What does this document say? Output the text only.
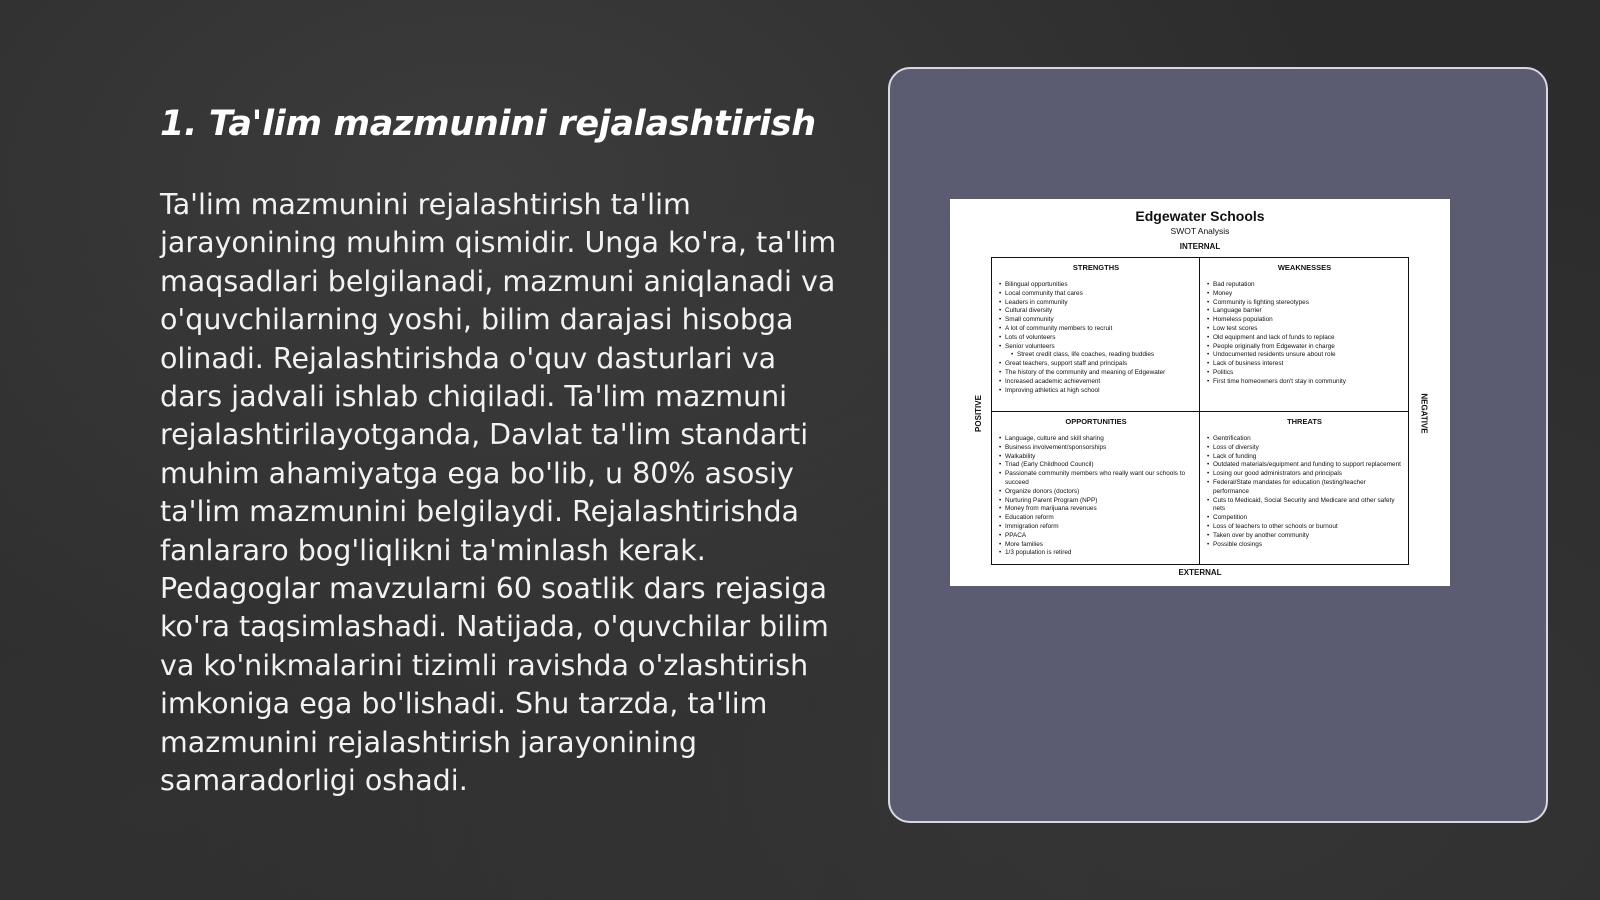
1. Ta'lim mazmunini rejalashtirish

Ta'lim mazmunini rejalashtirish ta'lim jarayonining muhim qismidir. Unga ko'ra, ta'lim maqsadlari belgilanadi, mazmuni aniqlanadi va o'quvchilarning yoshi, bilim darajasi hisobga olinadi. Rejalashtirishda o'quv dasturlari va dars jadvali ishlab chiqiladi. Ta'lim mazmuni rejalashtirilayotganda, Davlat ta'lim standarti muhim ahamiyatga ega bo'lib, u 80% asosiy ta'lim mazmunini belgilaydi. Rejalashtirishda fanlararo bog'liqlikni ta'minlash kerak. Pedagoglar mavzularni 60 soatlik dars rejasiga ko'ra taqsimlashadi. Natijada, o'quvchilar bilim va ko'nikmalarini tizimli ravishda o'zlashtirish imkoniga ega bo'lishadi. Shu tarzda, ta'lim mazmunini rejalashtirish jarayonining samaradorligi oshadi.

Edgewater Schools
SWOT Analysis
INTERNAL
POSITIVE	NEGATIVE
STRENGTHS
• Bilingual opportunities
• Local community that cares
• Leaders in community
• Cultural diversity
• Small community
• A lot of community members to recruit
• Lots of volunteers
• Senior volunteers
• Street credit class, life coaches, reading buddies
• Great teachers, support staff and principals
• The history of the community and meaning of Edgewater
• Increased academic achievement
• Improving athletics at high school
WEAKNESSES
• Bad reputation
• Money
• Community is fighting stereotypes
• Language barrier
• Homeless population
• Low test scores
• Old equipment and lack of funds to replace
• People originally from Edgewater in charge
• Undocumented residents unsure about role
• Lack of business interest
• Politics
• First time homeowners don't stay in community
OPPORTUNITIES
• Language, culture and skill sharing
• Business involvement/sponsorships
• Walkability
• Triad (Early Childhood Council)
• Passionate community members who really want our schools to succeed
• Organize donors (doctors)
• Nurturing Parent Program (NPP)
• Money from marijuana revenues
• Education reform
• Immigration reform
• PPACA
• More families
• 1/3 population is retired
THREATS
• Gentrification
• Loss of diversity
• Lack of funding
• Outdated materials/equipment and funding to support replacement
• Losing our good administrators and principals
• Federal/State mandates for education (testing/teacher performance
• Cuts to Medicaid, Social Security and Medicare and other safety nets
• Competition
• Loss of teachers to other schools or burnout
• Taken over by another community
• Possible closings
EXTERNAL
